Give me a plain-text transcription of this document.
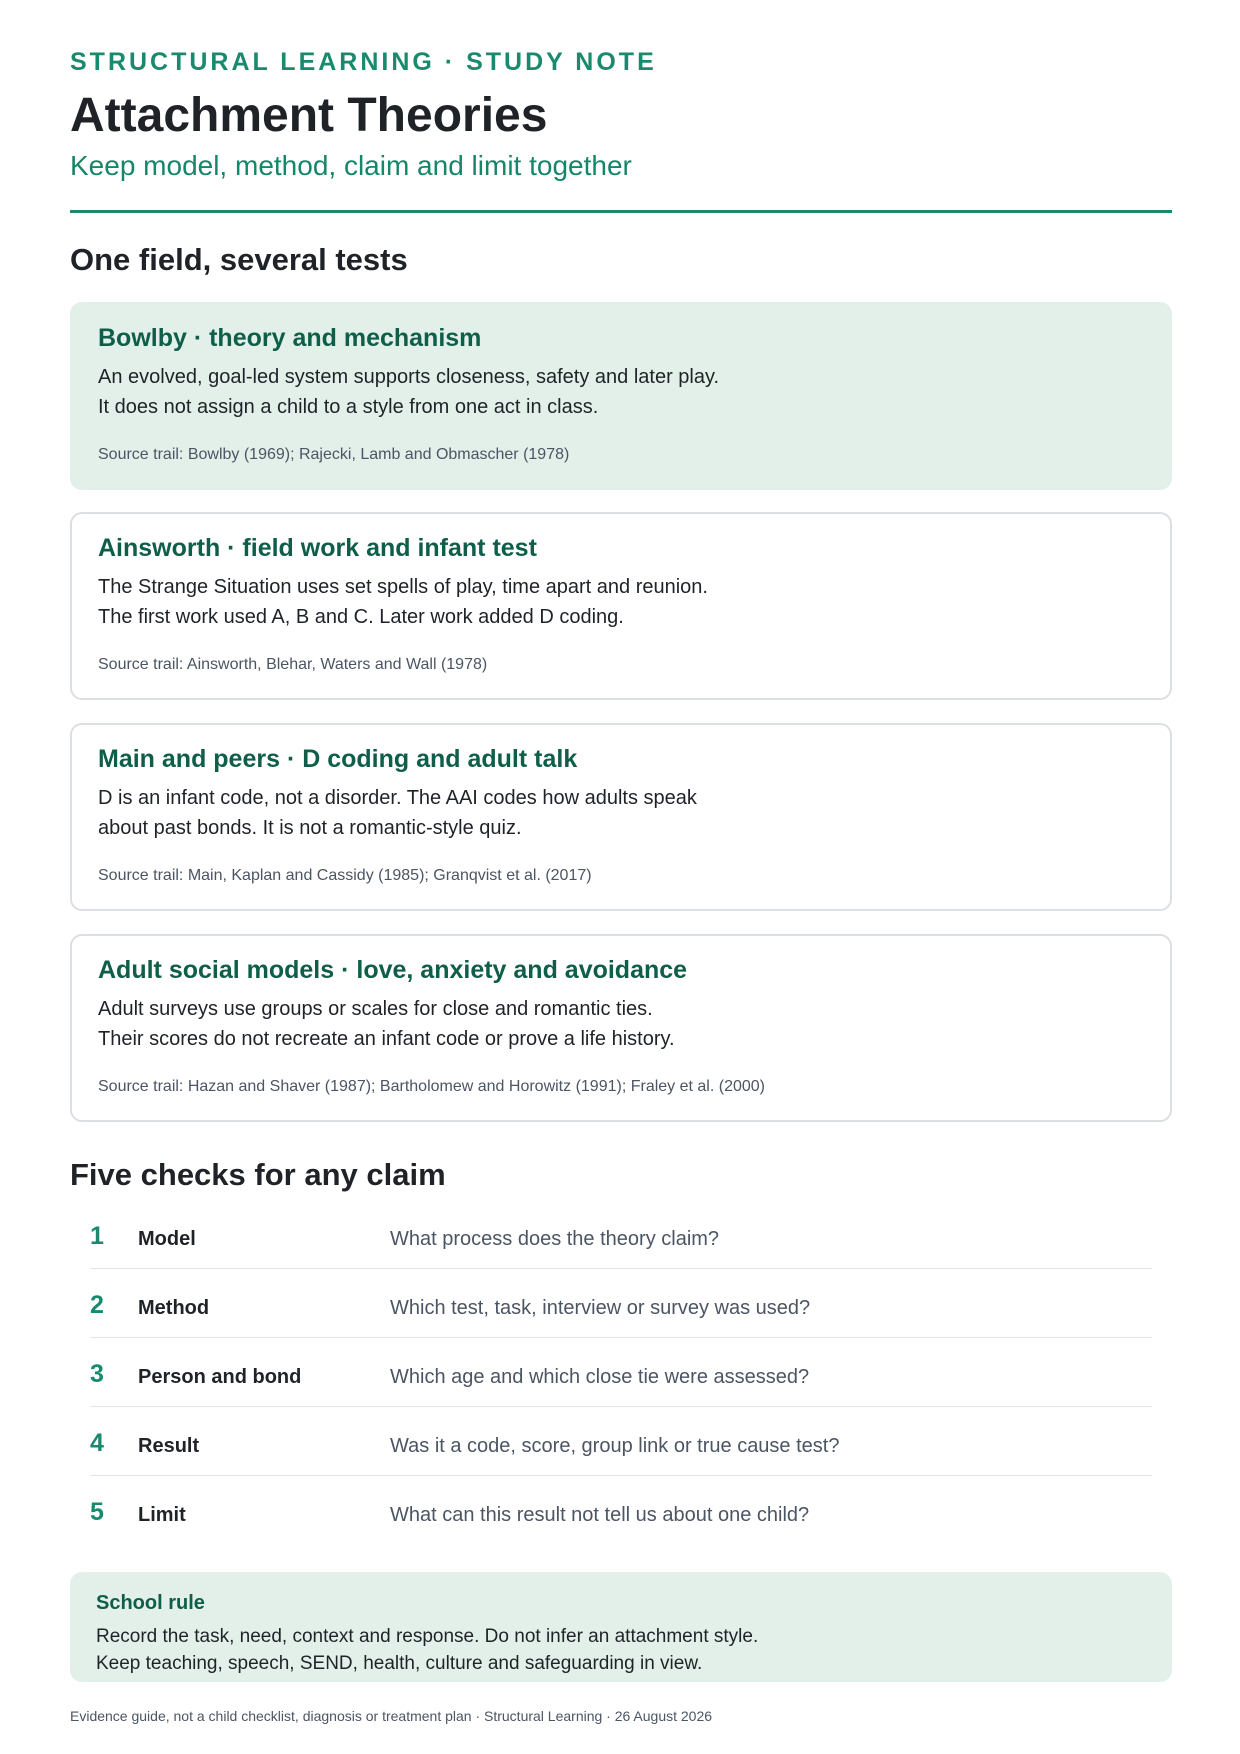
STRUCTURAL LEARNING · STUDY NOTE
Attachment Theories
Keep model, method, claim and limit together
One field, several tests
Bowlby · theory and mechanism
An evolved, goal-led system supports closeness, safety and later play.
It does not assign a child to a style from one act in class.
Source trail: Bowlby (1969); Rajecki, Lamb and Obmascher (1978)
Ainsworth · field work and infant test
The Strange Situation uses set spells of play, time apart and reunion.
The first work used A, B and C. Later work added D coding.
Source trail: Ainsworth, Blehar, Waters and Wall (1978)
Main and peers · D coding and adult talk
D is an infant code, not a disorder. The AAI codes how adults speak
about past bonds. It is not a romantic-style quiz.
Source trail: Main, Kaplan and Cassidy (1985); Granqvist et al. (2017)
Adult social models · love, anxiety and avoidance
Adult surveys use groups or scales for close and romantic ties.
Their scores do not recreate an infant code or prove a life history.
Source trail: Hazan and Shaver (1987); Bartholomew and Horowitz (1991); Fraley et al. (2000)
Five checks for any claim
1 Model	What process does the theory claim?
2 Method	Which test, task, interview or survey was used?
3 Person and bond	Which age and which close tie were assessed?
4 Result	Was it a code, score, group link or true cause test?
5 Limit	What can this result not tell us about one child?
School rule
Record the task, need, context and response. Do not infer an attachment style.
Keep teaching, speech, SEND, health, culture and safeguarding in view.
Evidence guide, not a child checklist, diagnosis or treatment plan · Structural Learning · 26 August 2026
